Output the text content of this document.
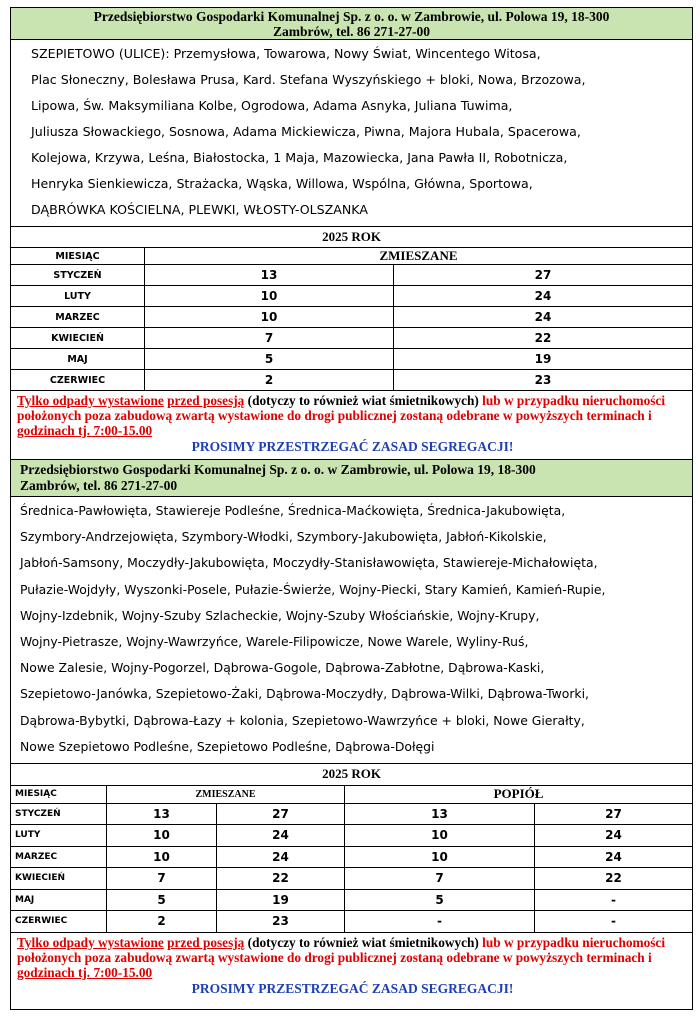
Przedsiębiorstwo Gospodarki Komunalnej Sp. z o. o. w Zambrowie, ul. Polowa 19, 18-300
Zambrów, tel. 86 271-27-00
SZEPIETOWO (ULICE): Przemysłowa, Towarowa, Nowy Świat, Wincentego Witosa,
Plac Słoneczny, Bolesława Prusa, Kard. Stefana Wyszyńskiego + bloki, Nowa, Brzozowa,
Lipowa, Św. Maksymiliana Kolbe, Ogrodowa, Adama Asnyka, Juliana Tuwima,
Juliusza Słowackiego, Sosnowa, Adama Mickiewicza, Piwna, Majora Hubala, Spacerowa,
Kolejowa, Krzywa, Leśna, Białostocka, 1 Maja, Mazowiecka, Jana Pawła II, Robotnicza,
Henryka Sienkiewicza, Strażacka, Wąska, Willowa, Wspólna, Główna, Sportowa,
DĄBRÓWKA KOŚCIELNA, PLEWKI, WŁOSTY-OLSZANKA
2025 ROK		
MIESIĄC	ZMIESZANE	
STYCZEŃ	13	27
LUTY	10	24
MARZEC	10	24
KWIECIEŃ	7	22
MAJ	5	19
CZERWIEC	2	23
Tylko odpady wystawione przed posesją (dotyczy to również wiat śmietnikowych) lub w przypadku nieruchomości położonych poza zabudową zwartą wystawione do drogi publicznej zostaną odebrane w powyższych terminach i godzinach tj. 7:00-15.00
PROSIMY PRZESTRZEGAĆ ZASAD SEGREGACJI!
Przedsiębiorstwo Gospodarki Komunalnej Sp. z o. o. w Zambrowie, ul. Polowa 19, 18-300
Zambrów, tel. 86 271-27-00
Średnica-Pawłowięta, Stawiereje Podleśne, Średnica-Maćkowięta, Średnica-Jakubowięta,
Szymbory-Andrzejowięta, Szymbory-Włodki, Szymbory-Jakubowięta, Jabłoń-Kikolskie,
Jabłoń-Samsony, Moczydły-Jakubowięta, Moczydły-Stanisławowięta, Stawiereje-Michałowięta,
Pułazie-Wojdyły, Wyszonki-Posele, Pułazie-Świerże, Wojny-Piecki, Stary Kamień, Kamień-Rupie,
Wojny-Izdebnik, Wojny-Szuby Szlacheckie, Wojny-Szuby Włościańskie, Wojny-Krupy,
Wojny-Pietrasze, Wojny-Wawrzyńce, Warele-Filipowicze, Nowe Warele, Wyliny-Ruś,
Nowe Zalesie, Wojny-Pogorzel, Dąbrowa-Gogole, Dąbrowa-Zabłotne, Dąbrowa-Kaski,
Szepietowo-Janówka, Szepietowo-Żaki, Dąbrowa-Moczydły, Dąbrowa-Wilki, Dąbrowa-Tworki,
Dąbrowa-Bybytki, Dąbrowa-Łazy + kolonia, Szepietowo-Wawrzyńce + bloki, Nowe Gierałty,
Nowe Szepietowo Podleśne, Szepietowo Podleśne, Dąbrowa-Dołęgi
2025 ROK				
MIESIĄC	ZMIESZANE		POPIÓŁ	
STYCZEŃ	13	27	13	27
LUTY	10	24	10	24
MARZEC	10	24	10	24
KWIECIEŃ	7	22	7	22
MAJ	5	19	5	-
CZERWIEC	2	23	-	-
Tylko odpady wystawione przed posesją (dotyczy to również wiat śmietnikowych) lub w przypadku nieruchomości położonych poza zabudową zwartą wystawione do drogi publicznej zostaną odebrane w powyższych terminach i godzinach tj. 7:00-15.00
PROSIMY PRZESTRZEGAĆ ZASAD SEGREGACJI!
